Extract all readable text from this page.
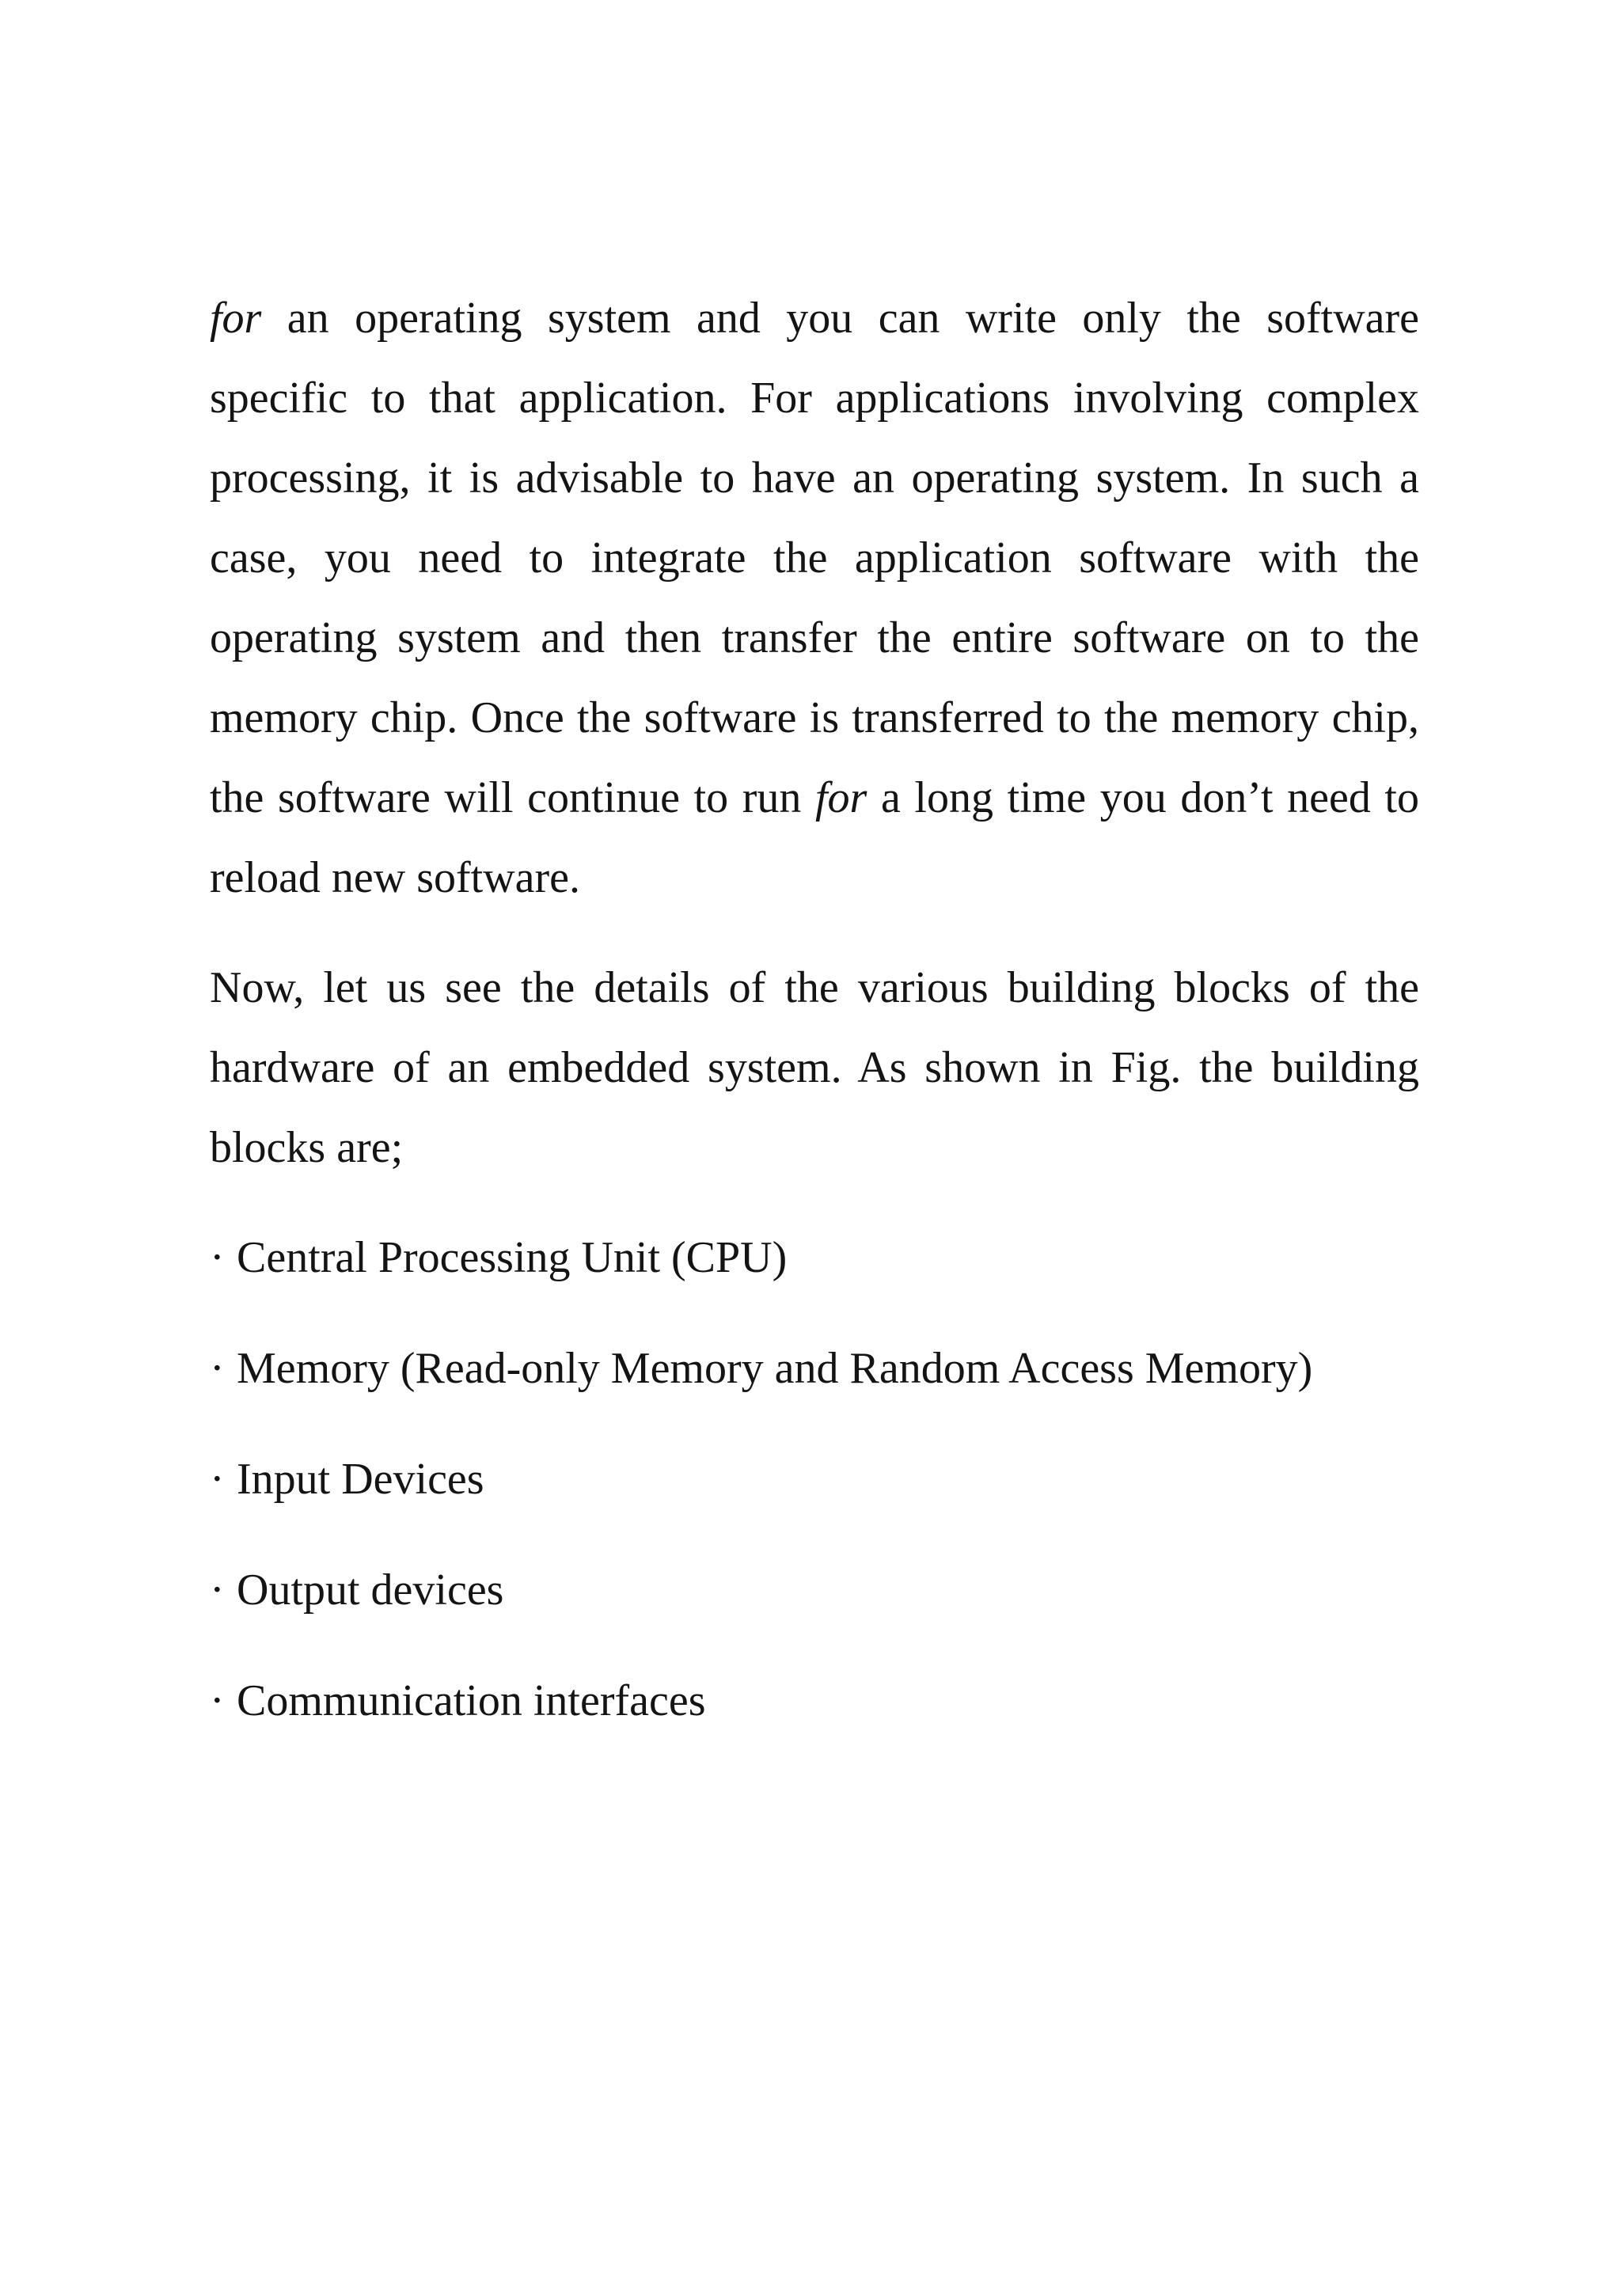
for an operating system and you can write only the software specific to that application. For applications involving complex processing, it is advisable to have an operating system. In such a case, you need to integrate the application software with the operating system and then transfer the entire software on to the memory chip. Once the software is transferred to the memory chip, the software will continue to run for a long time you don’t need to reload new software.

Now, let us see the details of the various building blocks of the hardware of an embedded system. As shown in Fig. the building blocks are;

· Central Processing Unit (CPU)
· Memory (Read-only Memory and Random Access Memory)
· Input Devices
· Output devices
· Communication interfaces
